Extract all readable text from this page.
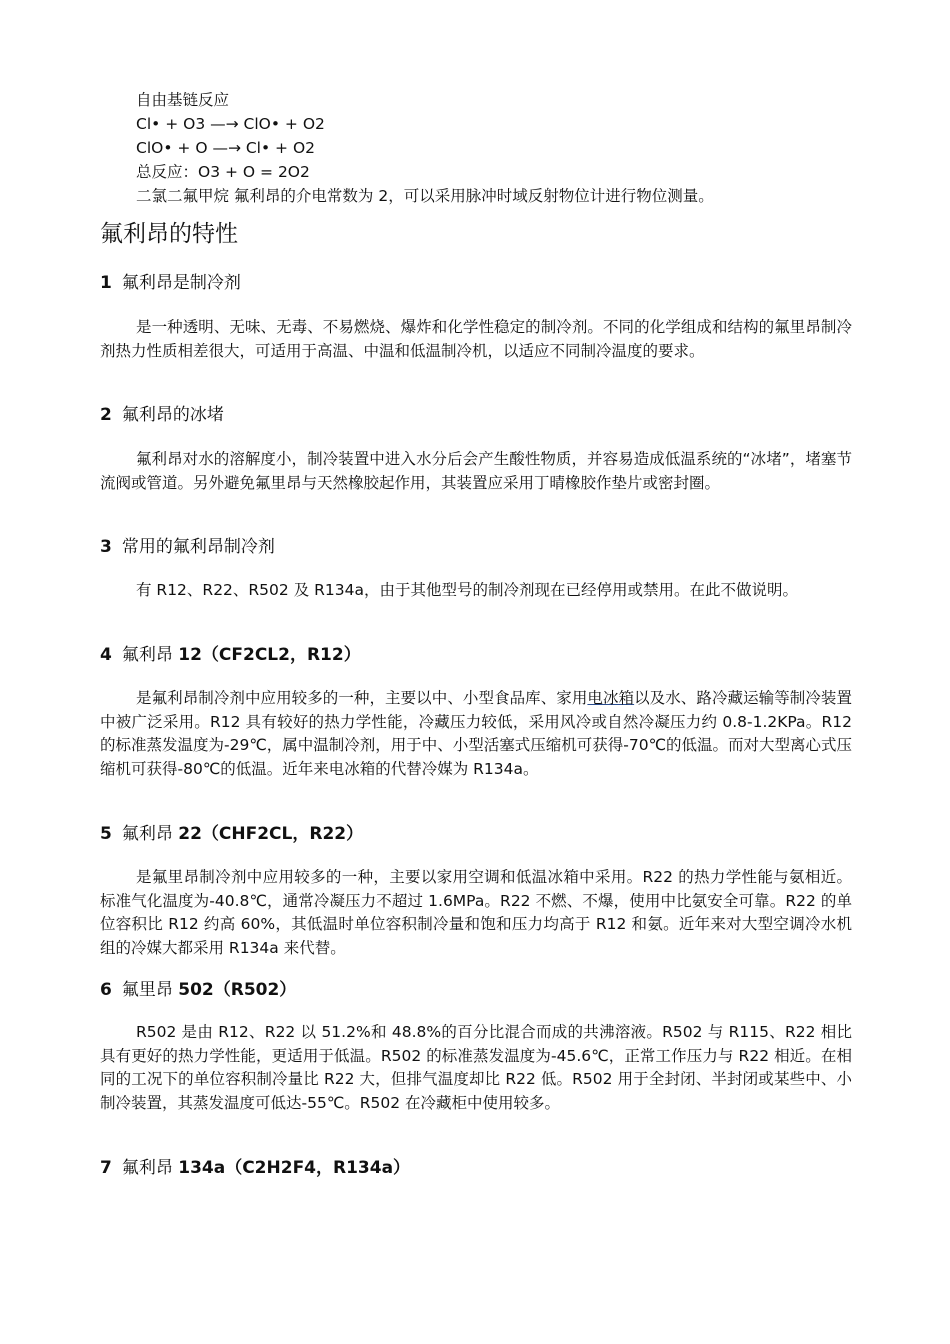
自由基链反应
Cl• + O3 —→ ClO• + O2
ClO• + O —→ Cl• + O2
总反应：O3 + O = 2O2
二氯二氟甲烷 氟利昂的介电常数为 2，可以采用脉冲时域反射物位计进行物位测量。
氟利昂的特性
1 氟利昂是制冷剂

是一种透明、无味、无毒、不易燃烧、爆炸和化学性稳定的制冷剂。不同的化学组成和结构的氟里昂制冷剂热力性质相差很大，可适用于高温、中温和低温制冷机，以适应不同制冷温度的要求。

2 氟利昂的冰堵

氟利昂对水的溶解度小，制冷装置中进入水分后会产生酸性物质，并容易造成低温系统的“冰堵”，堵塞节流阀或管道。另外避免氟里昂与天然橡胶起作用，其装置应采用丁晴橡胶作垫片或密封圈。

3 常用的氟利昂制冷剂

有 R12、R22、R502 及 R134a，由于其他型号的制冷剂现在已经停用或禁用。在此不做说明。

4 氟利昂 12（CF2CL2，R12）

是氟利昂制冷剂中应用较多的一种，主要以中、小型食品库、家用电冰箱以及水、路冷藏运输等制冷装置中被广泛采用。R12 具有较好的热力学性能，冷藏压力较低，采用风冷或自然冷凝压力约 0.8-1.2KPa。R12 的标准蒸发温度为-29℃，属中温制冷剂，用于中、小型活塞式压缩机可获得-70℃的低温。而对大型离心式压缩机可获得-80℃的低温。近年来电冰箱的代替冷媒为 R134a。

5 氟利昂 22（CHF2CL，R22）

是氟里昂制冷剂中应用较多的一种，主要以家用空调和低温冰箱中采用。R22 的热力学性能与氨相近。标准气化温度为-40.8℃，通常冷凝压力不超过 1.6MPa。R22 不燃、不爆，使用中比氨安全可靠。R22 的单位容积比 R12 约高 60%，其低温时单位容积制冷量和饱和压力均高于 R12 和氨。近年来对大型空调冷水机组的冷媒大都采用 R134a 来代替。

6 氟里昂 502（R502）

R502 是由 R12、R22 以 51.2%和 48.8%的百分比混合而成的共沸溶液。R502 与 R115、R22 相比具有更好的热力学性能，更适用于低温。R502 的标准蒸发温度为-45.6℃，正常工作压力与 R22 相近。在相同的工况下的单位容积制冷量比 R22 大，但排气温度却比 R22 低。R502 用于全封闭、半封闭或某些中、小制冷装置，其蒸发温度可低达-55℃。R502 在冷藏柜中使用较多。

7 氟利昂 134a（C2H2F4，R134a）
